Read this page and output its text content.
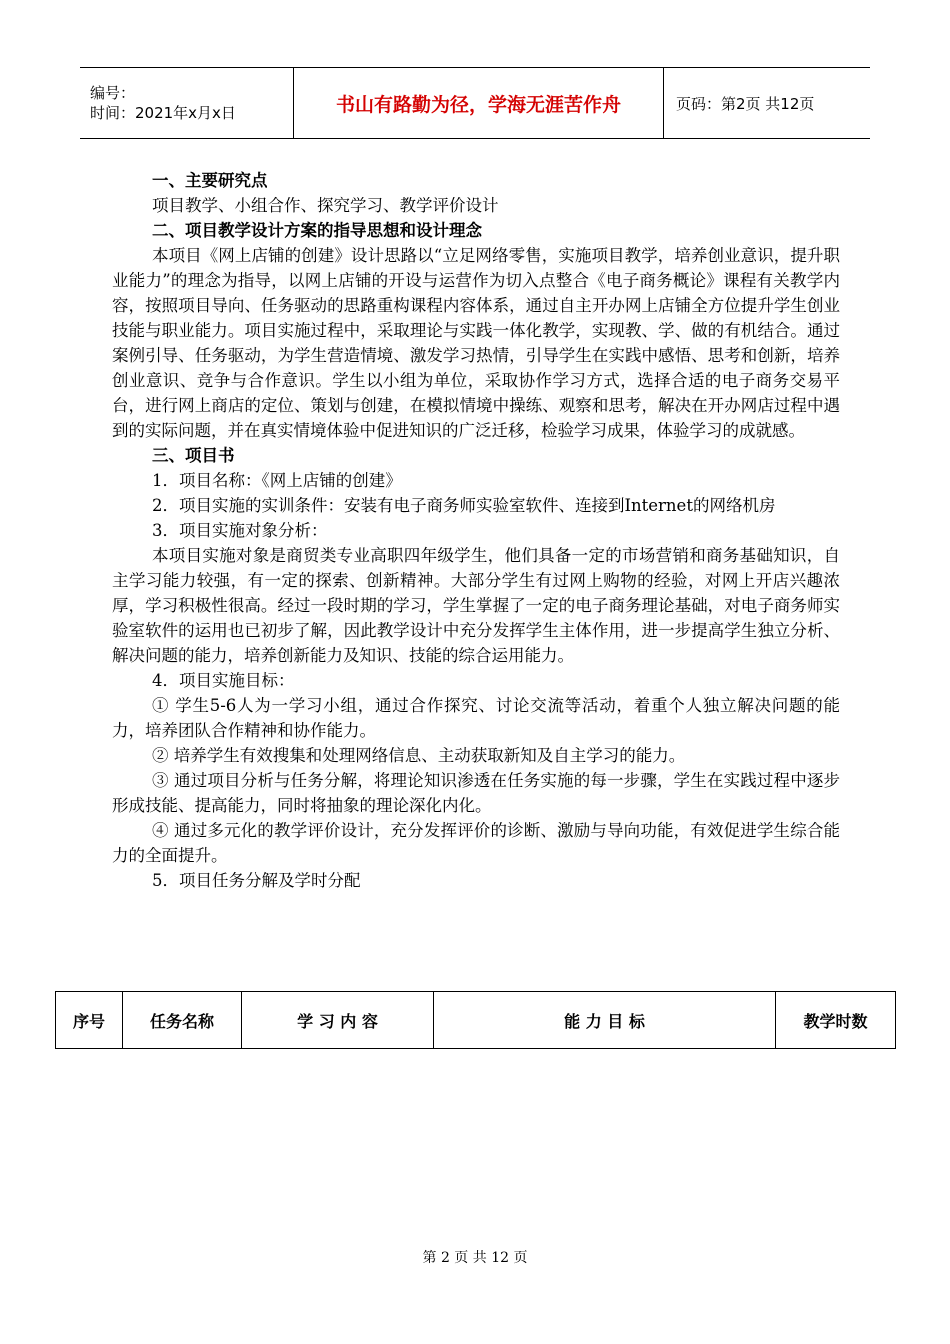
编号：
时间：2021年x月x日	书山有路勤为径，学海无涯苦作舟	页码：第2页 共12页

一、主要研究点

项目教学、小组合作、探究学习、教学评价设计

二、项目教学设计方案的指导思想和设计理念

本项目《网上店铺的创建》设计思路以“立足网络零售，实施项目教学，培养创业意识，提升职业能力”的理念为指导，以网上店铺的开设与运营作为切入点整合《电子商务概论》课程有关教学内容，按照项目导向、任务驱动的思路重构课程内容体系，通过自主开办网上店铺全方位提升学生创业技能与职业能力。项目实施过程中，采取理论与实践一体化教学，实现教、学、做的有机结合。通过案例引导、任务驱动，为学生营造情境、激发学习热情，引导学生在实践中感悟、思考和创新，培养创业意识、竞争与合作意识。学生以小组为单位，采取协作学习方式，选择合适的电子商务交易平台，进行网上商店的定位、策划与创建，在模拟情境中操练、观察和思考，解决在开办网店过程中遇到的实际问题，并在真实情境体验中促进知识的广泛迁移，检验学习成果，体验学习的成就感。

三、项目书

1．项目名称：《网上店铺的创建》

2．项目实施的实训条件：安装有电子商务师实验室软件、连接到Internet的网络机房

3．项目实施对象分析：

本项目实施对象是商贸类专业高职四年级学生，他们具备一定的市场营销和商务基础知识，自主学习能力较强，有一定的探索、创新精神。大部分学生有过网上购物的经验，对网上开店兴趣浓厚，学习积极性很高。经过一段时期的学习，学生掌握了一定的电子商务理论基础，对电子商务师实验室软件的运用也已初步了解，因此教学设计中充分发挥学生主体作用，进一步提高学生独立分析、解决问题的能力，培养创新能力及知识、技能的综合运用能力。

4．项目实施目标：

① 学生5-6人为一学习小组，通过合作探究、讨论交流等活动，着重个人独立解决问题的能力，培养团队合作精神和协作能力。

② 培养学生有效搜集和处理网络信息、主动获取新知及自主学习的能力。

③ 通过项目分析与任务分解，将理论知识渗透在任务实施的每一步骤，学生在实践过程中逐步形成技能、提高能力，同时将抽象的理论深化内化。

④ 通过多元化的教学评价设计，充分发挥评价的诊断、激励与导向功能，有效促进学生综合能力的全面提升。

5．项目任务分解及学时分配

序号	任务名称	学 习 内 容	能 力 目 标	教学时数
第 2 页 共 12 页
